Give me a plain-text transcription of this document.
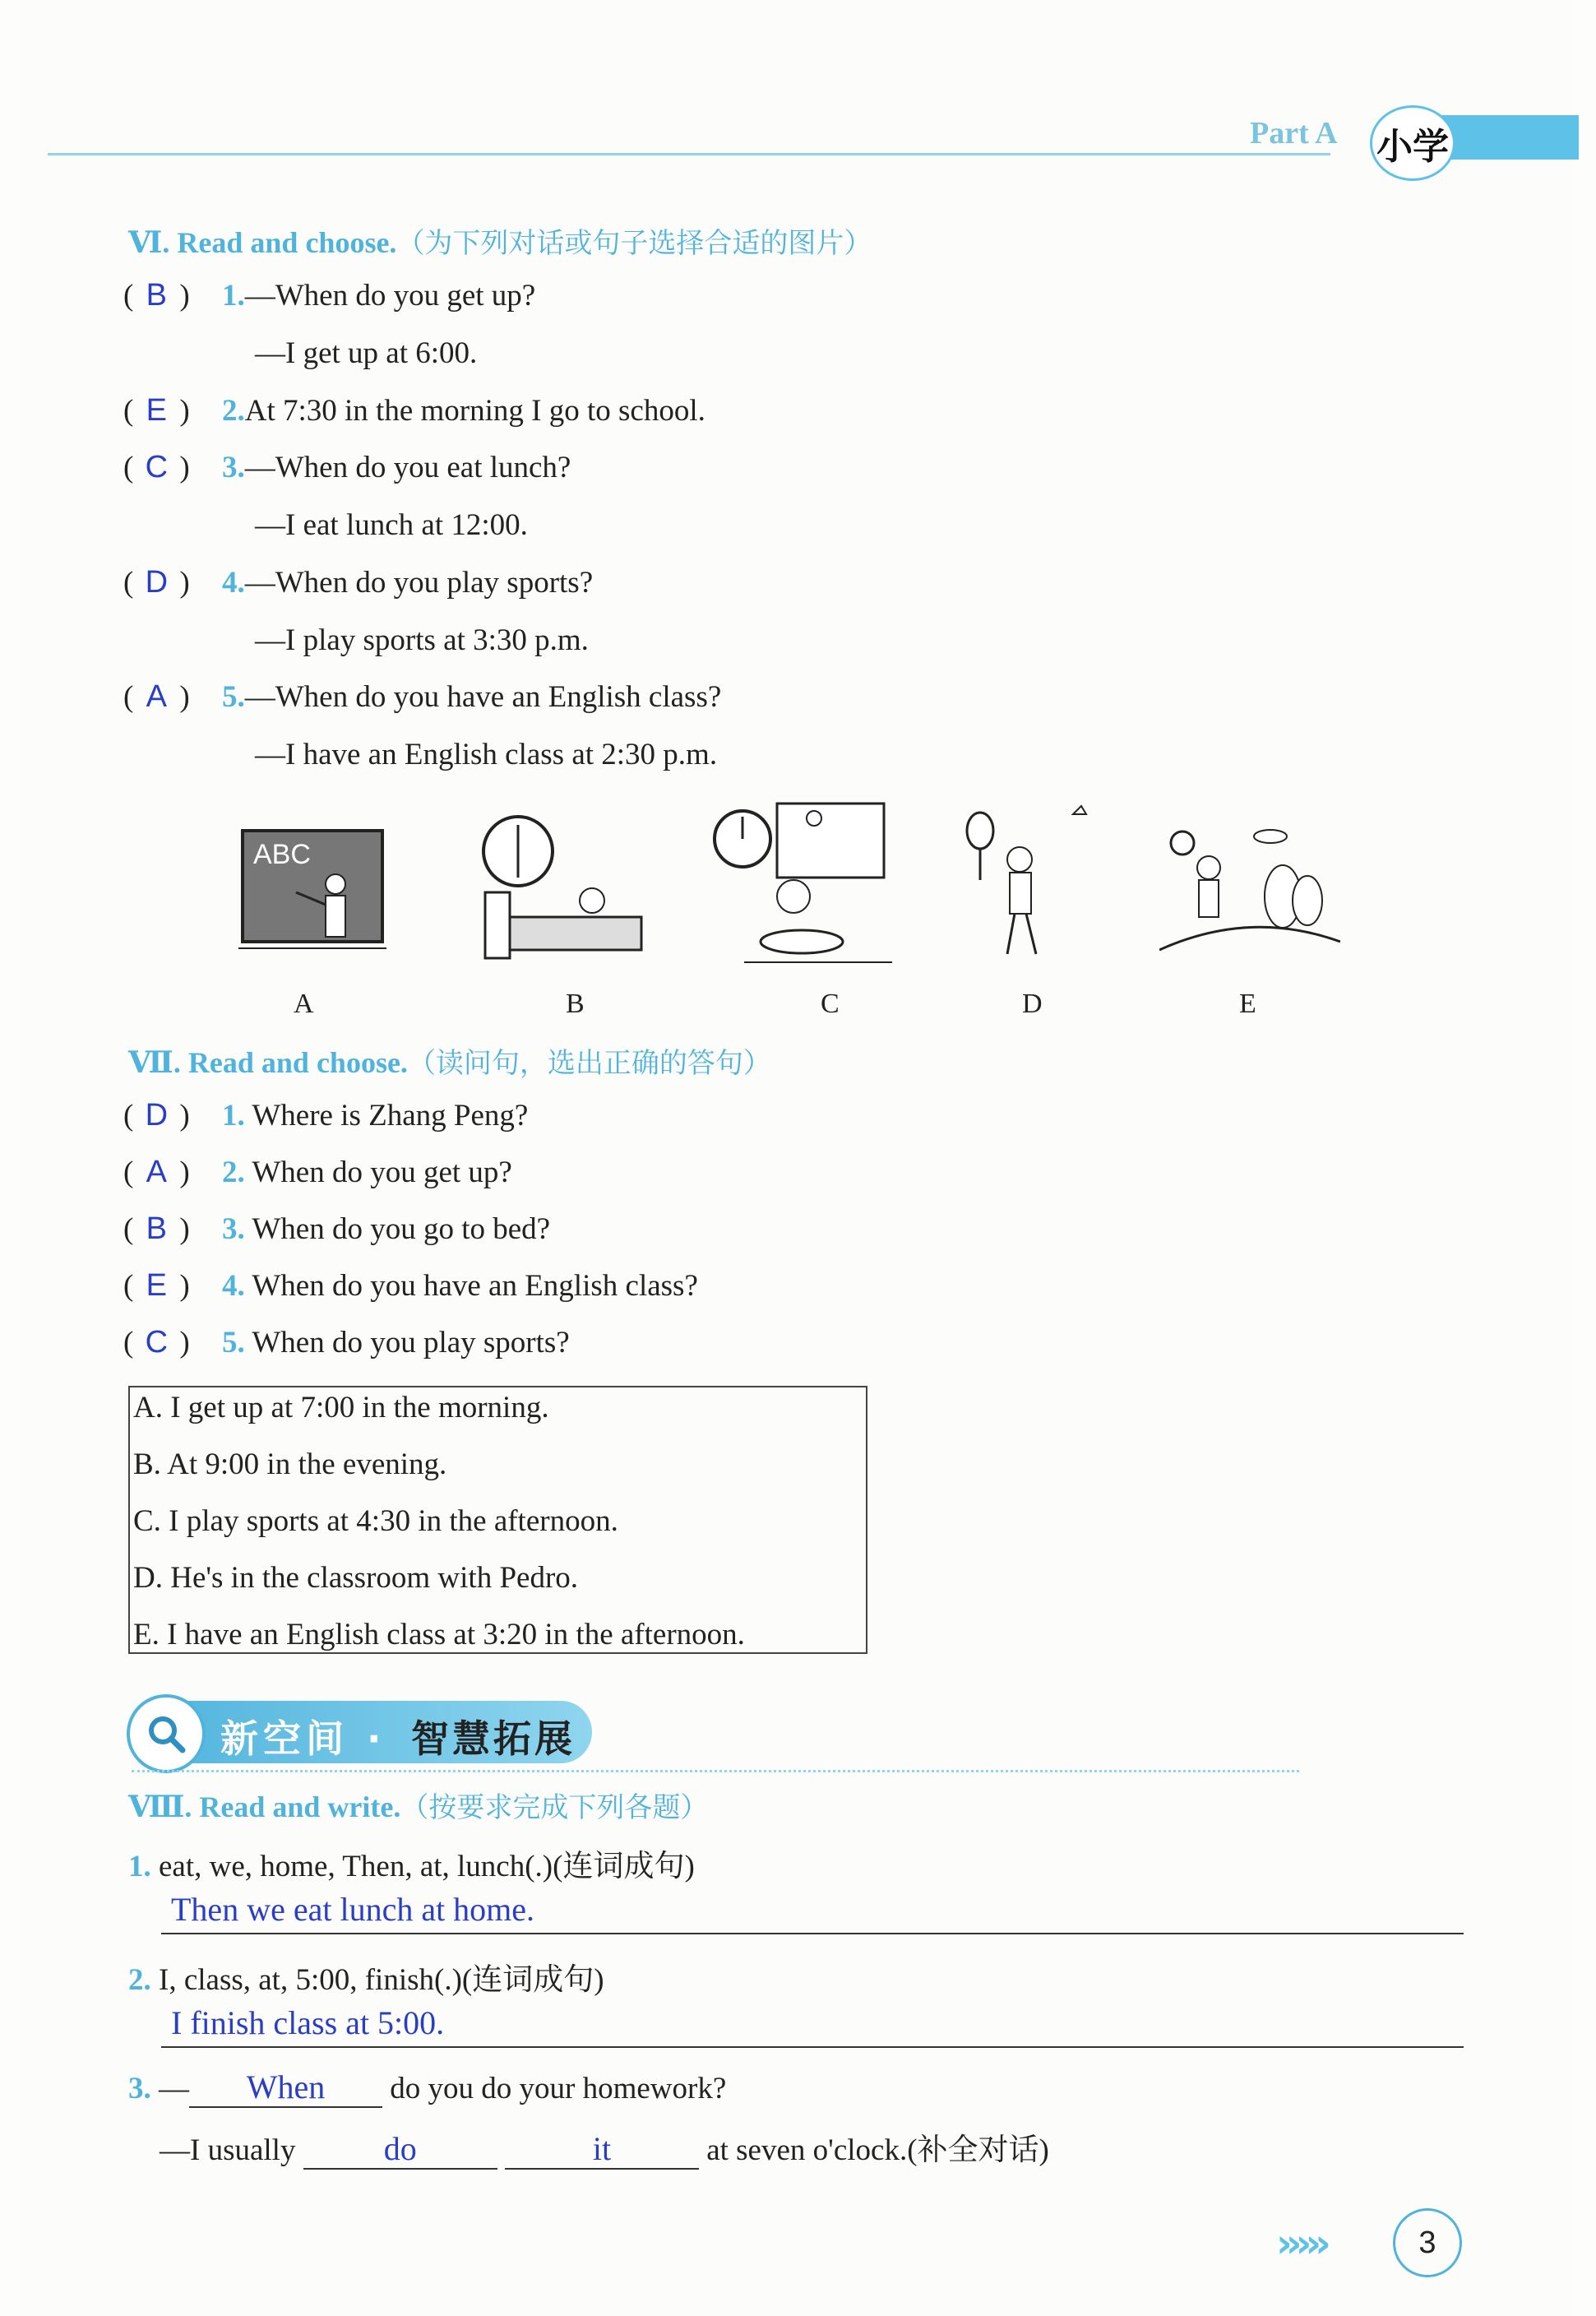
Part A 小学
Ⅵ. Read and choose.（为下列对话或句子选择合适的图片）
( B ) 1.—When do you get up?
—I get up at 6:00.
( E ) 2.At 7:30 in the morning I go to school.
( C ) 3.—When do you eat lunch?
—I eat lunch at 12:00.
( D ) 4.—When do you play sports?
—I play sports at 3:30 p.m.
( A ) 5.—When do you have an English class?
—I have an English class at 2:30 p.m.
ABC
A	B	C	D	E
Ⅶ. Read and choose.（读问句，选出正确的答句）
( D ) 1. Where is Zhang Peng?
( A ) 2. When do you get up?
( B ) 3. When do you go to bed?
( E ) 4. When do you have an English class?
( C ) 5. When do you play sports?
A. I get up at 7:00 in the morning.
B. At 9:00 in the evening.
C. I play sports at 4:30 in the afternoon.
D. He's in the classroom with Pedro.
E. I have an English class at 3:20 in the afternoon.
新空间 · 智慧拓展
Ⅷ. Read and write.（按要求完成下列各题）
1. eat, we, home, Then, at, lunch(.)(连词成句)
Then we eat lunch at home.
2. I, class, at, 5:00, finish(.)(连词成句)
I finish class at 5:00.
3. — When do you do your homework?
—I usually	do	it	at seven o'clock.(补全对话)
›››››	3
